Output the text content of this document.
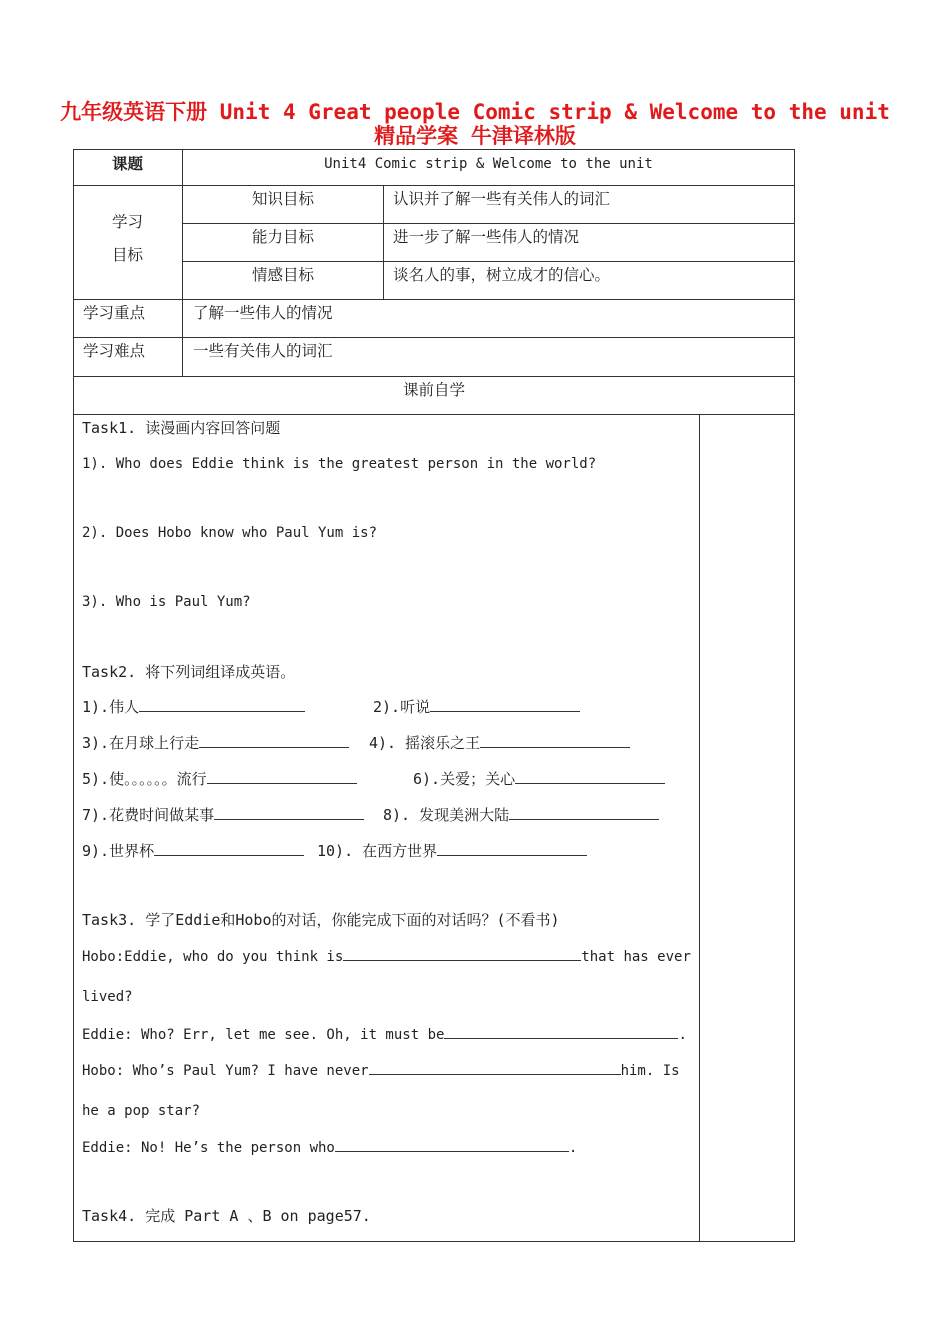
九年级英语下册 Unit 4 Great people Comic strip & Welcome to the unit
精品学案 牛津译林版
课题	Unit4 Comic strip & Welcome to the unit
学习
目标
知识目标	认识并了解一些有关伟人的词汇
能力目标	进一步了解一些伟人的情况
情感目标	谈名人的事，树立成才的信心。
学习重点	了解一些伟人的情况
学习难点	一些有关伟人的词汇
课前自学
Task1. 读漫画内容回答问题
1). Who does Eddie think is the greatest person in the world?
2). Does Hobo know who Paul Yum is?
3). Who is Paul Yum?
Task2. 将下列词组译成英语。
1).伟人	2).听说
3).在月球上行走	4). 摇滚乐之王
5).使。。。。。。流行	6).关爱；关心
7).花费时间做某事	8). 发现美洲大陆
9).世界杯	10). 在西方世界
Task3. 学了Eddie和Hobo的对话，你能完成下面的对话吗？(不看书)
Hobo:Eddie, who do you think is	that has ever
lived?
Eddie: Who? Err, let me see. Oh, it must be	.
Hobo: Who’s Paul Yum? I have never	him. Is
he a pop star?
Eddie: No! He’s the person who	.
Task4. 完成 Part A 、B on page57.
